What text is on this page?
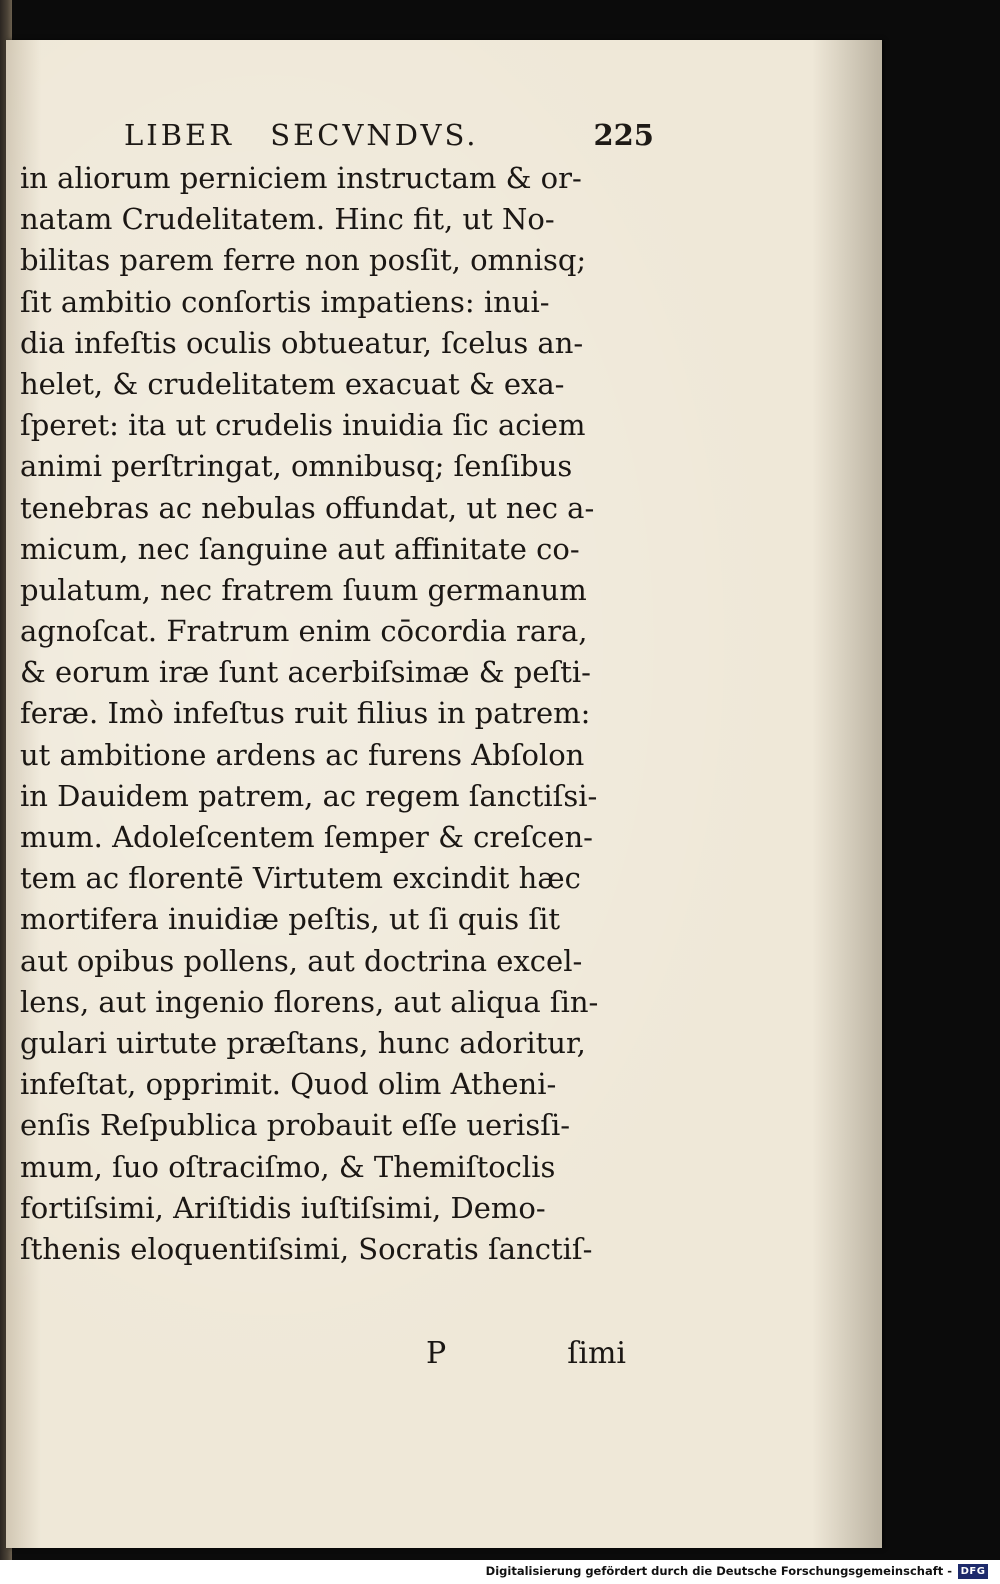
LIBER SECVNDVS.	225
in aliorum perniciem instructam & or-
natam Crudelitatem. Hinc fit, ut No-
bilitas parem ferre non posſit, omnisq;
ſit ambitio conſortis impatiens: inui-
dia infeſtis oculis obtueatur, ſcelus an-
helet, & crudelitatem exacuat & exa-
ſperet: ita ut crudelis inuidia ſic aciem
animi perſtringat, omnibusq; ſenſibus
tenebras ac nebulas offundat, ut nec a-
micum, nec ſanguine aut affinitate co-
pulatum, nec fratrem ſuum germanum
agnoſcat. Fratrum enim cōcordia rara,
& eorum iræ ſunt acerbiſsimæ & peſti-
feræ. Imò infeſtus ruit filius in patrem:
ut ambitione ardens ac furens Abſolon
in Dauidem patrem, ac regem ſanctiſsi-
mum. Adoleſcentem ſemper & creſcen-
tem ac florentē Virtutem excindit hæc
mortifera inuidiæ peſtis, ut ſi quis ſit
aut opibus pollens, aut doctrina excel-
lens, aut ingenio florens, aut aliqua ſin-
gulari uirtute præſtans, hunc adoritur,
infeſtat, opprimit. Quod olim Atheni-
enſis Reſpublica probauit eſſe uerisſi-
mum, ſuo oſtraciſmo, & Themiſtoclis
fortiſsimi, Ariſtidis iuſtiſsimi, Demo-
ſthenis eloquentiſsimi, Socratis ſanctiſ-
P	ſimi
Digitalisierung gefördert durch die Deutsche Forschungsgemeinschaft - DFG
